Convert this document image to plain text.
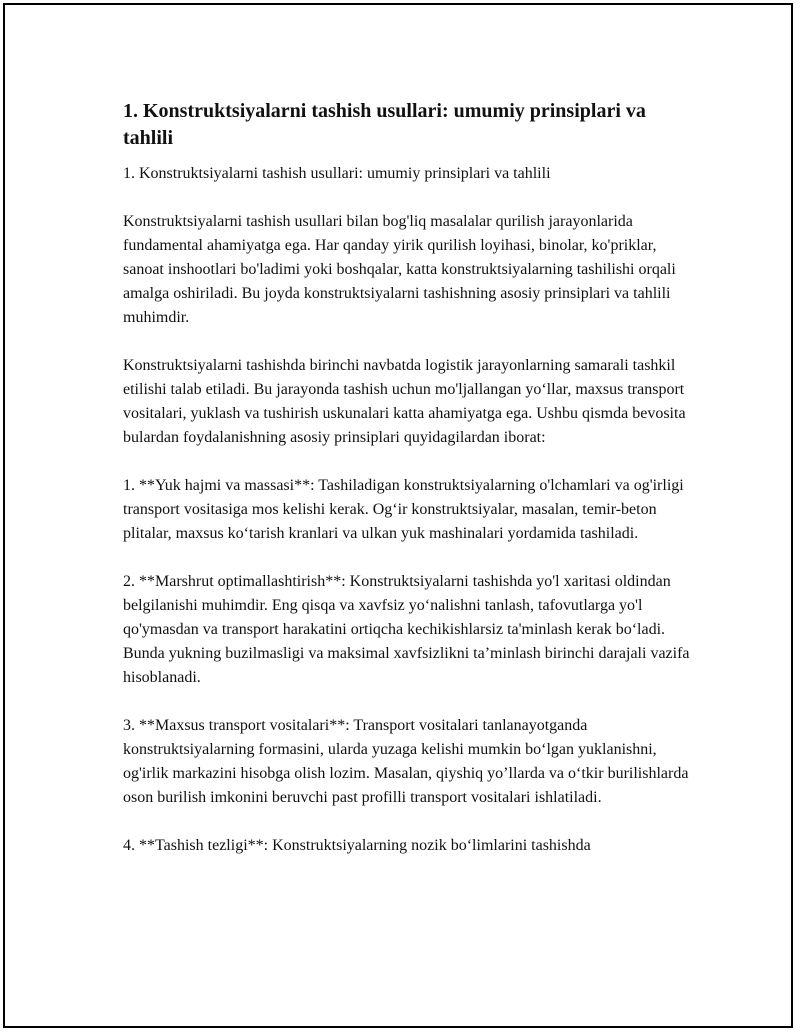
1. Konstruktsiyalarni tashish usullari: umumiy prinsiplari va tahlili

1. Konstruktsiyalarni tashish usullari: umumiy prinsiplari va tahlili

Konstruktsiyalarni tashish usullari bilan bog'liq masalalar qurilish jarayonlarida fundamental ahamiyatga ega. Har qanday yirik qurilish loyihasi, binolar, ko'priklar, sanoat inshootlari bo'ladimi yoki boshqalar, katta konstruktsiyalarning tashilishi orqali amalga oshiriladi. Bu joyda konstruktsiyalarni tashishning asosiy prinsiplari va tahlili muhimdir.

Konstruktsiyalarni tashishda birinchi navbatda logistik jarayonlarning samarali tashkil etilishi talab etiladi. Bu jarayonda tashish uchun mo'ljallangan yo‘llar, maxsus transport vositalari, yuklash va tushirish uskunalari katta ahamiyatga ega. Ushbu qismda bevosita bulardan foydalanishning asosiy prinsiplari quyidagilardan iborat:

1. **Yuk hajmi va massasi**: Tashiladigan konstruktsiyalarning o'lchamlari va og'irligi transport vositasiga mos kelishi kerak. Og‘ir konstruktsiyalar, masalan, temir-beton plitalar, maxsus ko‘tarish kranlari va ulkan yuk mashinalari yordamida tashiladi.

2. **Marshrut optimallashtirish**: Konstruktsiyalarni tashishda yo'l xaritasi oldindan belgilanishi muhimdir. Eng qisqa va xavfsiz yo‘nalishni tanlash, tafovutlarga yo'l qo'ymasdan va transport harakatini ortiqcha kechikishlarsiz ta'minlash kerak bo‘ladi. Bunda yukning buzilmasligi va maksimal xavfsizlikni ta’minlash birinchi darajali vazifa hisoblanadi.

3. **Maxsus transport vositalari**: Transport vositalari tanlanayotganda konstruktsiyalarning formasini, ularda yuzaga kelishi mumkin bo‘lgan yuklanishni, og'irlik markazini hisobga olish lozim. Masalan, qiyshiq yo’llarda va o‘tkir burilishlarda oson burilish imkonini beruvchi past profilli transport vositalari ishlatiladi.

4. **Tashish tezligi**: Konstruktsiyalarning nozik bo‘limlarini tashishda
